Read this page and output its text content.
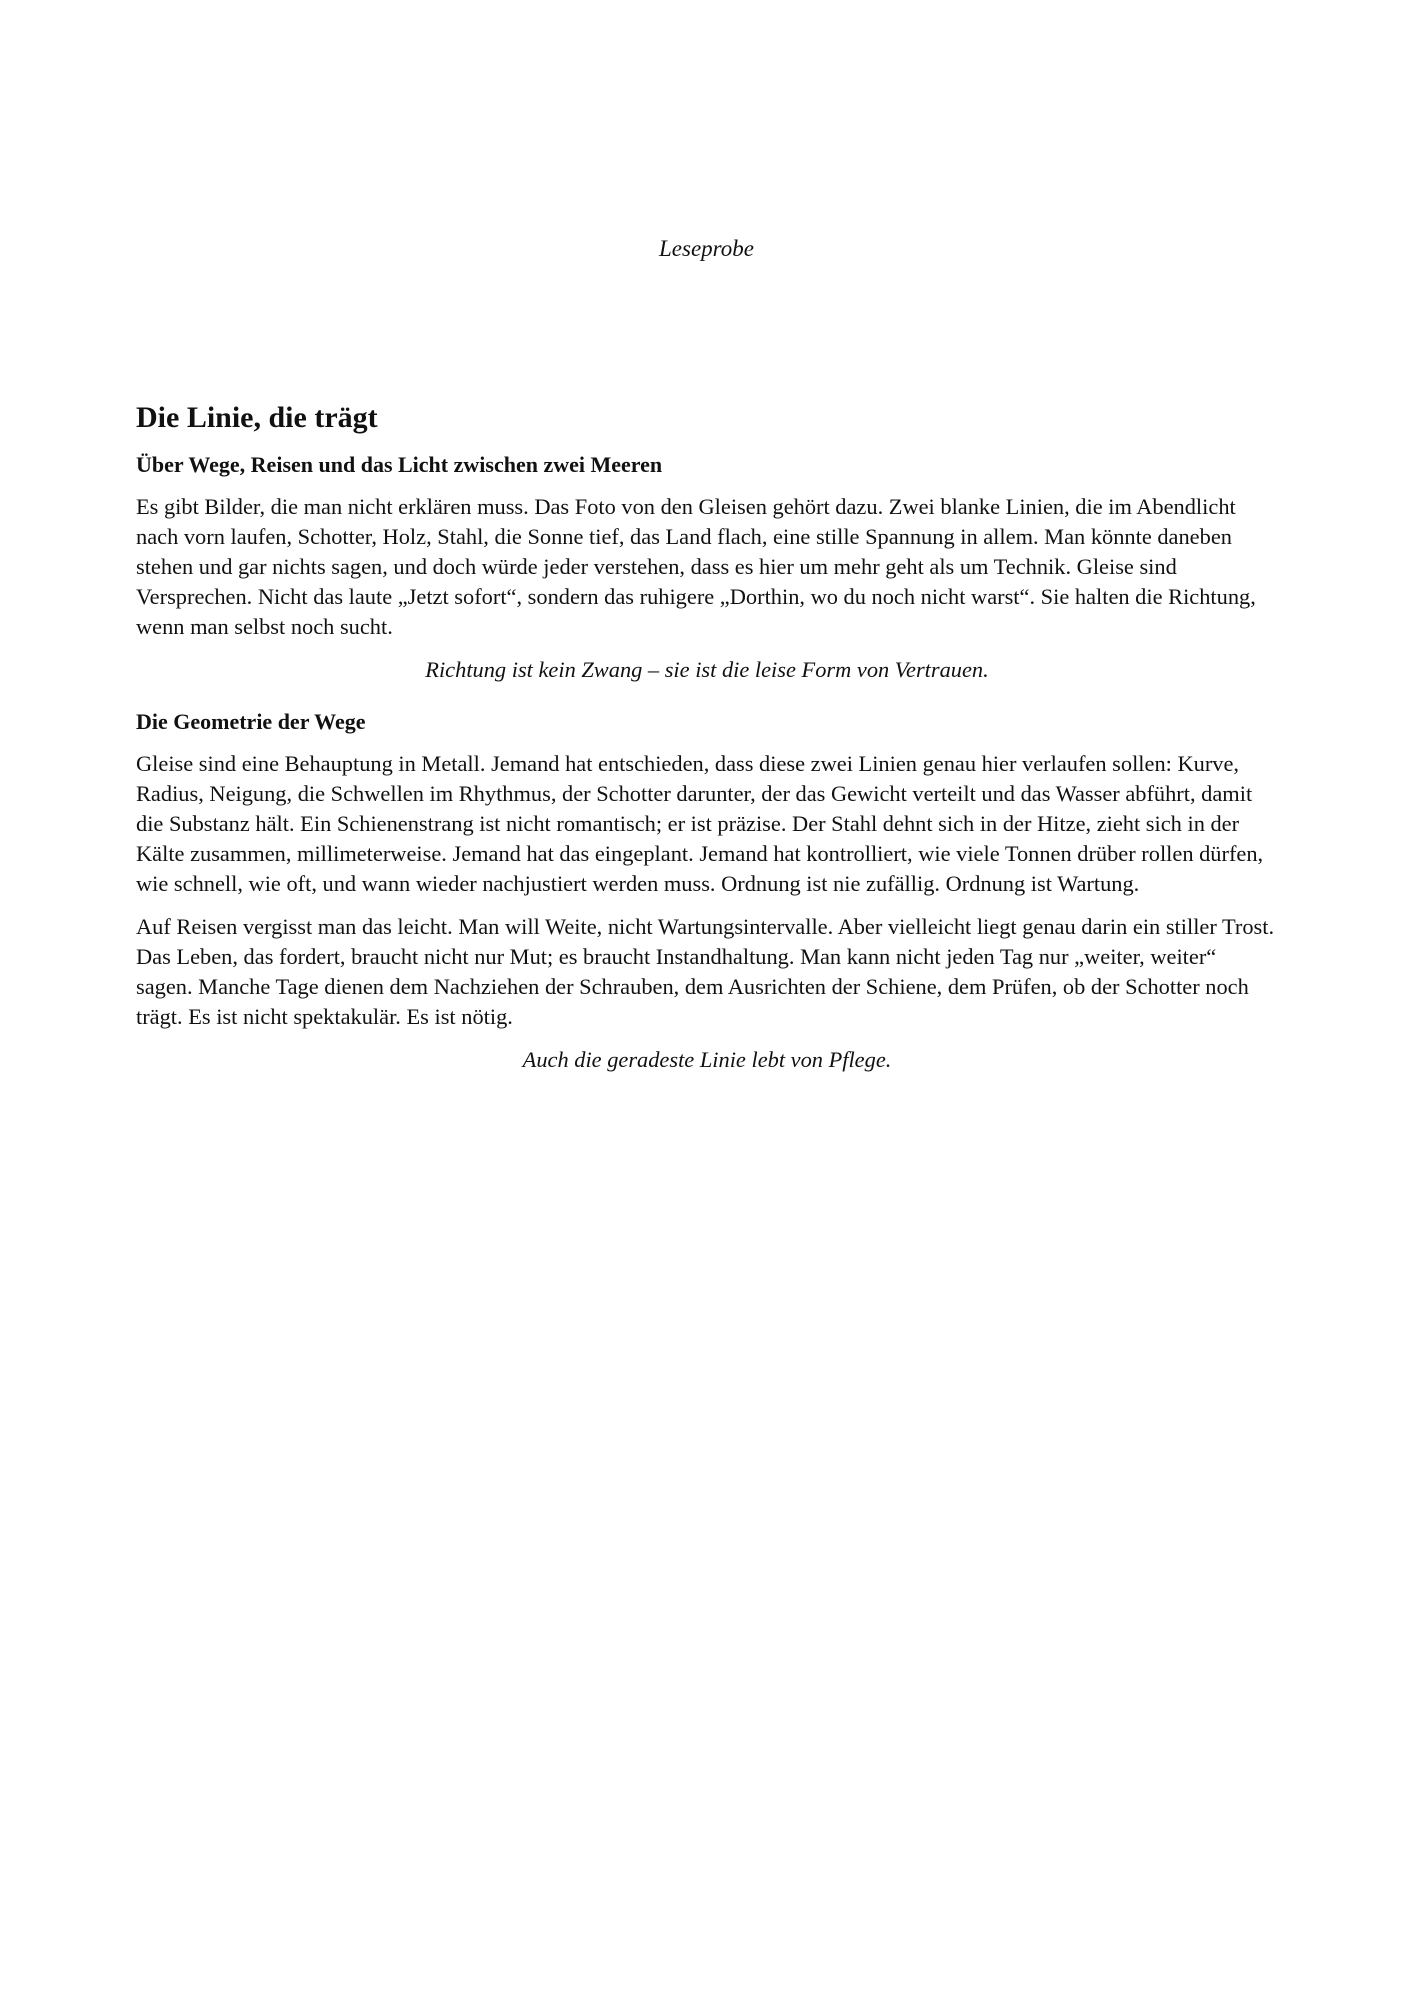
Leseprobe
Die Linie, die trägt
Über Wege, Reisen und das Licht zwischen zwei Meeren

Es gibt Bilder, die man nicht erklären muss. Das Foto von den Gleisen gehört dazu. Zwei blanke Linien, die im Abendlicht nach vorn laufen, Schotter, Holz, Stahl, die Sonne tief, das Land flach, eine stille Spannung in allem. Man könnte daneben stehen und gar nichts sagen, und doch würde jeder verstehen, dass es hier um mehr geht als um Technik. Gleise sind Versprechen. Nicht das laute „Jetzt sofort“, sondern das ruhigere „Dorthin, wo du noch nicht warst“. Sie halten die Richtung, wenn man selbst noch sucht.

Richtung ist kein Zwang – sie ist die leise Form von Vertrauen.

Die Geometrie der Wege

Gleise sind eine Behauptung in Metall. Jemand hat entschieden, dass diese zwei Linien genau hier verlaufen sollen: Kurve, Radius, Neigung, die Schwellen im Rhythmus, der Schotter darunter, der das Gewicht verteilt und das Wasser abführt, damit die Substanz hält. Ein Schienenstrang ist nicht romantisch; er ist präzise. Der Stahl dehnt sich in der Hitze, zieht sich in der Kälte zusammen, millimeterweise. Jemand hat das eingeplant. Jemand hat kontrolliert, wie viele Tonnen drüber rollen dürfen, wie schnell, wie oft, und wann wieder nachjustiert werden muss. Ordnung ist nie zufällig. Ordnung ist Wartung.

Auf Reisen vergisst man das leicht. Man will Weite, nicht Wartungsintervalle. Aber vielleicht liegt genau darin ein stiller Trost. Das Leben, das fordert, braucht nicht nur Mut; es braucht Instandhaltung. Man kann nicht jeden Tag nur „weiter, weiter“ sagen. Manche Tage dienen dem Nachziehen der Schrauben, dem Ausrichten der Schiene, dem Prüfen, ob der Schotter noch trägt. Es ist nicht spektakulär. Es ist nötig.

Auch die geradeste Linie lebt von Pflege.
